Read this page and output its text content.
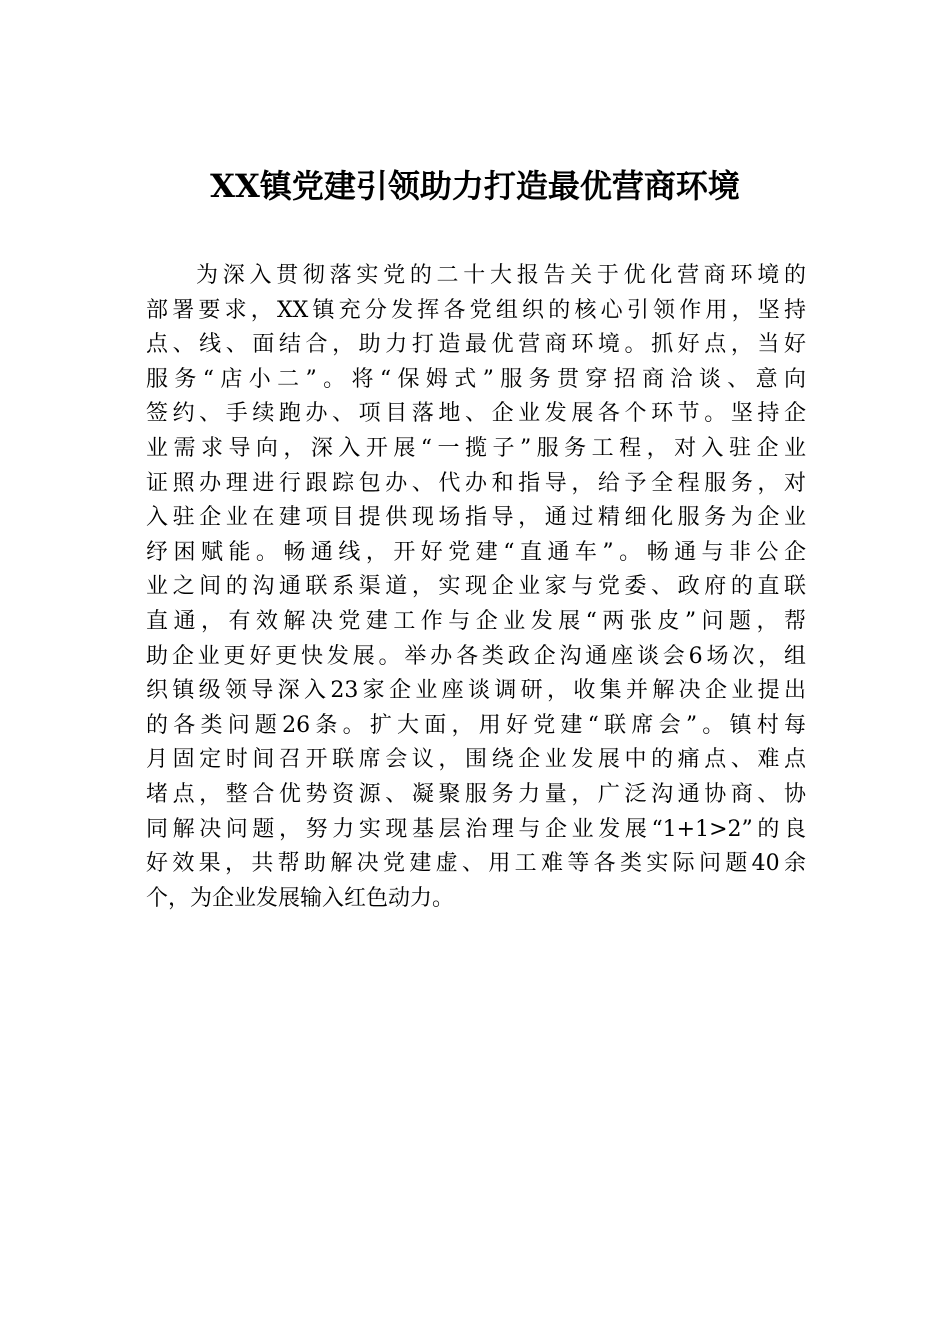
XX镇党建引领助力打造最优营商环境
为深入贯彻落实党的二十大报告关于优化营商环境的
部署要求，XX镇充分发挥各党组织的核心引领作用，坚持
点、线、面结合，助力打造最优营商环境。抓好点，当好
服务“店小二”。将“保姆式”服务贯穿招商洽谈、意向
签约、手续跑办、项目落地、企业发展各个环节。坚持企
业需求导向，深入开展“一揽子”服务工程，对入驻企业
证照办理进行跟踪包办、代办和指导，给予全程服务，对
入驻企业在建项目提供现场指导，通过精细化服务为企业
纾困赋能。畅通线，开好党建“直通车”。畅通与非公企
业之间的沟通联系渠道，实现企业家与党委、政府的直联
直通，有效解决党建工作与企业发展“两张皮”问题，帮
助企业更好更快发展。举办各类政企沟通座谈会6场次，组
织镇级领导深入23家企业座谈调研，收集并解决企业提出
的各类问题26条。扩大面，用好党建“联席会”。镇村每
月固定时间召开联席会议，围绕企业发展中的痛点、难点
堵点，整合优势资源、凝聚服务力量，广泛沟通协商、协
同解决问题，努力实现基层治理与企业发展“1+1>2”的良
好效果，共帮助解决党建虚、用工难等各类实际问题40余
个，为企业发展输入红色动力。
